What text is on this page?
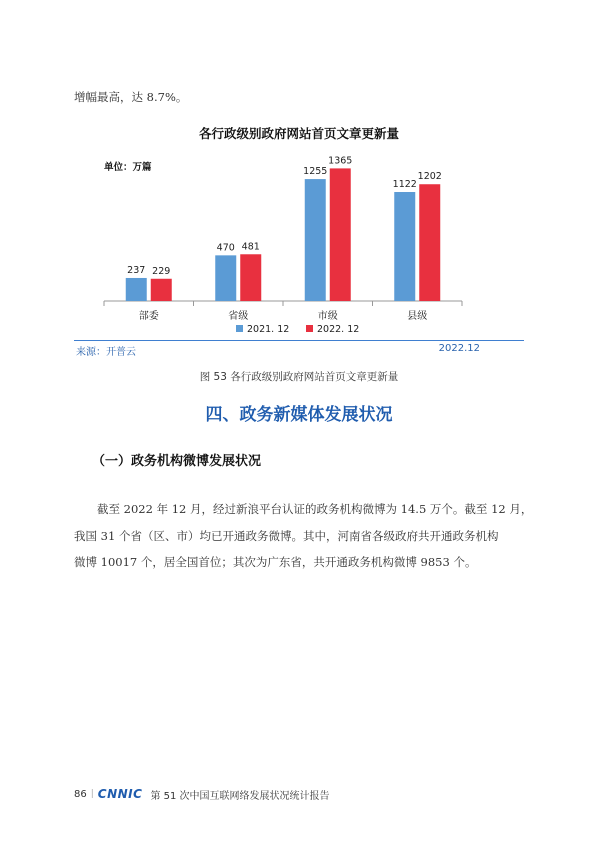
增幅最高，达 8.7%。
各行政级别政府网站首页文章更新量
单位：万篇
237 229
部委
470 481
省级
1255
1365
市级
1122
1202
县级
2021. 12	2022. 12
来源：开普云	2022.12
图 53 各行政级别政府网站首页文章更新量
四、政务新媒体发展状况
（一）政务机构微博发展状况
截至 2022 年 12 月，经过新浪平台认证的政务机构微博为 14.5 万个。截至 12 月，
我国 31 个省（区、市）均已开通政务微博。其中，河南省各级政府共开通政务机构
微博 10017 个，居全国首位；其次为广东省，共开通政务机构微博 9853 个。
86 | CNNIC 第 51 次中国互联网络发展状况统计报告
